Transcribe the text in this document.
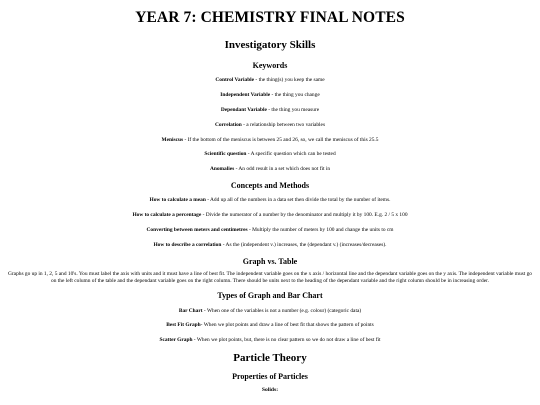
YEAR 7: CHEMISTRY FINAL NOTES
Investigatory Skills
Keywords

Control Variable - the thing(s) you keep the same

Independent Variable - the thing you change

Dependant Variable - the thing you measure

Correlation - a relationship between two variables

Meniscus - If the bottom of the meniscus is between 25 and 26, so, we call the meniscus of this 25.5

Scientific question - A specific question which can be tested

Anomalies - An odd result in a set which does not fit in

Concepts and Methods

How to calculate a mean - Add up all of the numbers in a data set then divide the total by the number of items.

How to calculate a percentage - Divide the numerator of a number by the denominator and multiply it by 100. E.g. 2 / 5 x 100

Converting between meters and centimetres - Multiply the number of meters by 100 and change the units to cm

How to describe a correlation - As the (independent v.) increases, the (dependant v.) (increases/decreases).

Graph vs. Table

Graphs go up in 1, 2, 5 and 10's. You must label the axis with units and it must have a line of best fit. The independent variable goes on the x axis / horizontal line and the dependant variable goes on the y axis. The independent variable must go on the left column of the table and the dependant variable goes on the right column. There should be units next to the heading of the dependant variable and the right column should be in increasing order.

Types of Graph and Bar Chart

Bar Chart - When one of the variables is not a number (e.g. colour) (categoric data)

Best Fit Graph- When we plot points and draw a line of best fit that shows the pattern of points

Scatter Graph - When we plot points, but, there is no clear pattern so we do not draw a line of best fit

Particle Theory
Properties of Particles

Solids:
